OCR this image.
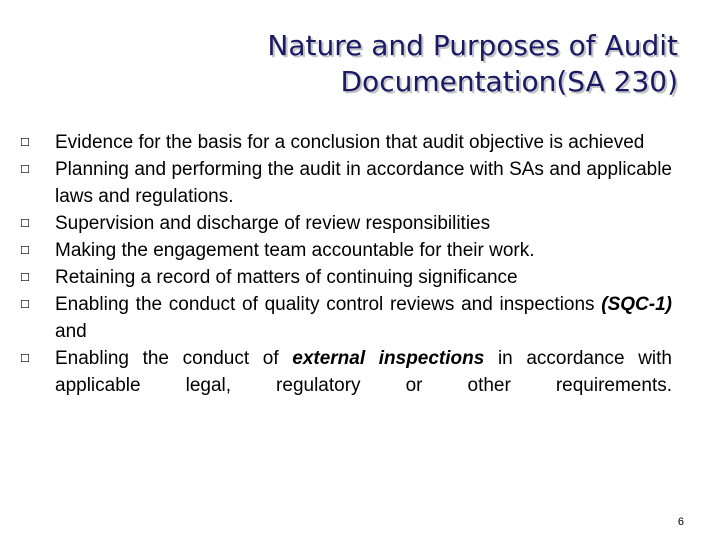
Nature and Purposes of Audit
Documentation(SA 230)
☐ Evidence for the basis for a conclusion that audit objective is achieved
☐ Planning and performing the audit in accordance with SAs and applicable laws and regulations.
☐ Supervision and discharge of review responsibilities
☐ Making the engagement team accountable for their work.
☐ Retaining a record of matters of continuing significance
☐ Enabling the conduct of quality control reviews and inspections (SQC-1) and
☐ Enabling the conduct of external inspections in accordance with applicable legal, regulatory or other requirements.
6
